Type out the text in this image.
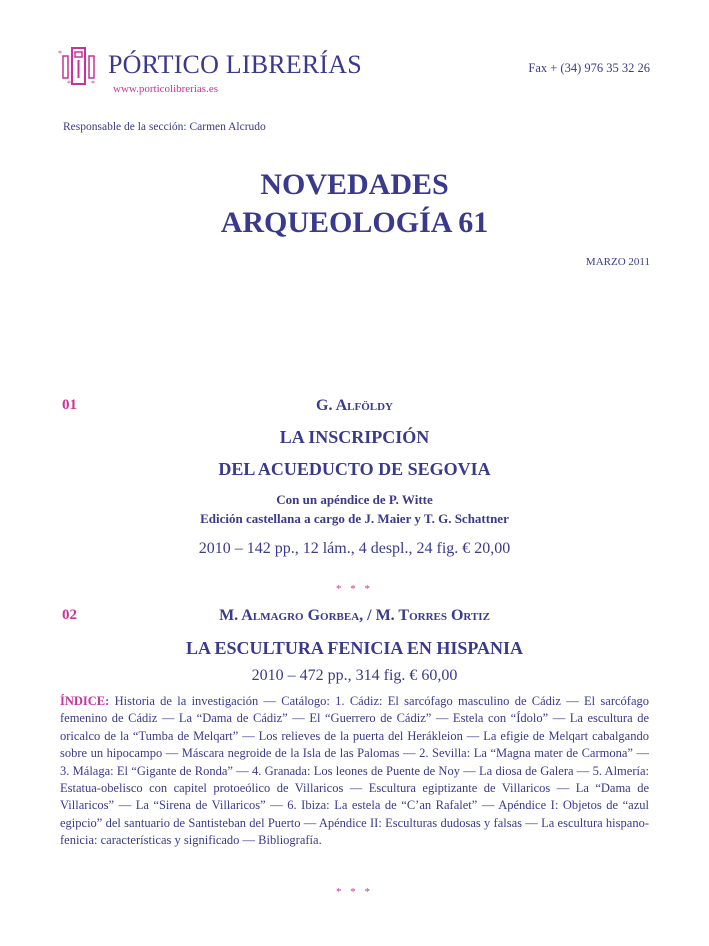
*
*	*
PÓRTICO LIBRERÍAS
www.porticolibrerias.es
Fax + (34) 976 35 32 26
Responsable de la sección: Carmen Alcrudo
NOVEDADES
ARQUEOLOGÍA 61
MARZO 2011
01	G. Alföldy
LA INSCRIPCIÓN
DEL ACUEDUCTO DE SEGOVIA
Con un apéndice de P. Witte
Edición castellana a cargo de J. Maier y T. G. Schattner
2010 – 142 pp., 12 lám., 4 despl., 24 fig. € 20,00
* * *
02	M. Almagro Gorbea, / M. Torres Ortiz
LA ESCULTURA FENICIA EN HISPANIA
2010 – 472 pp., 314 fig. € 60,00
ÍNDICE: Historia de la investigación — Catálogo: 1. Cádiz: El sarcófago masculino de Cádiz — El sarcófago femenino de Cádiz — La “Dama de Cádiz” — El “Guerrero de Cádiz” — Estela con “Ídolo” — La escultura de oricalco de la “Tumba de Melqart” — Los relieves de la puerta del Herákleion — La efigie de Melqart cabalgando sobre un hipocampo — Máscara negroide de la Isla de las Palomas — 2. Sevilla: La “Magna mater de Carmona” — 3. Málaga: El “Gigante de Ronda” — 4. Granada: Los leones de Puente de Noy — La diosa de Galera — 5. Almería: Estatua-obelisco con capitel protoeólico de Villaricos — Escultura egiptizante de Villaricos — La “Dama de Villaricos” — La “Sirena de Villaricos” — 6. Ibiza: La estela de “C’an Rafalet” — Apéndice I: Objetos de “azul egipcio” del santuario de Santisteban del Puerto — Apéndice II: Esculturas dudosas y falsas — La escultura hispano-fenicia: características y significado — Bibliografía.
* * *
